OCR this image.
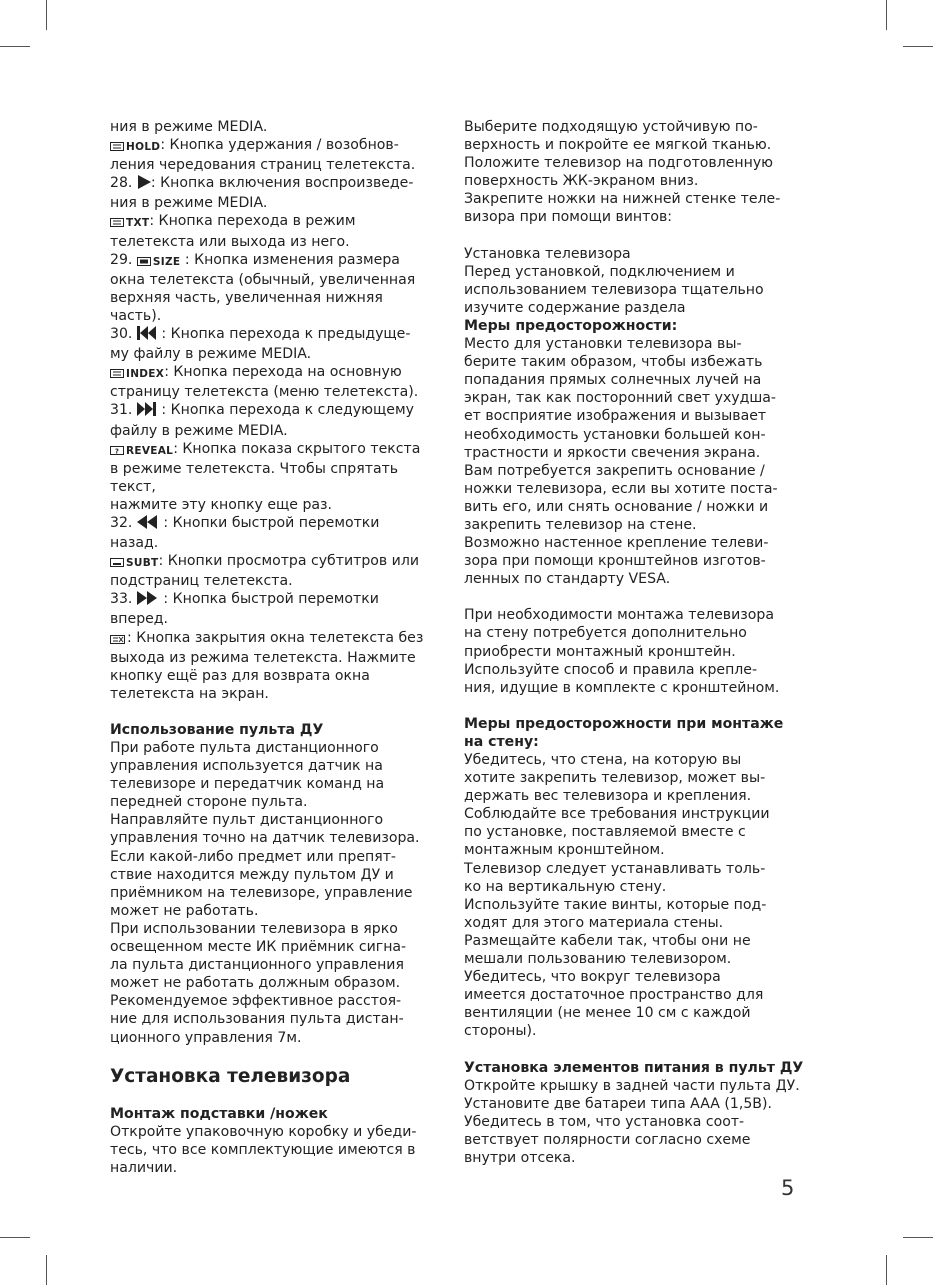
ния в режиме MEDIA.

HOLD: Кнопка удержания / возобнов-

ления чередования страниц телетекста.

28. : Кнопка включения воспроизведе-

ния в режиме MEDIA.

TXT: Кнопка перехода в режим

телетекста или выхода из него.

29. SIZE : Кнопка изменения размера

окна телетекста (обычный, увеличенная

верхняя часть, увеличенная нижняя

часть).

30.  : Кнопка перехода к предыдуще-

му файлу в режиме MEDIA.

INDEX: Кнопка перехода на основную

страницу телетекста (меню телетекста).

31.  : Кнопка перехода к следующему

файлу в режиме MEDIA.

? REVEAL: Кнопка показа скрытого текста

в режиме телетекста. Чтобы спрятать

текст,

нажмите эту кнопку еще раз.

32.  : Кнопки быстрой перемотки

назад.

SUBT: Кнопки просмотра субтитров или

подстраниц телетекста.

33.  : Кнопка быстрой перемотки

вперед.

: Кнопка закрытия окна телетекста без

выхода из режима телетекста. Нажмите

кнопку ещё раз для возврата окна

телетекста на экран.

Использование пульта ДУ

При работе пульта дистанционного

управления используется датчик на

телевизоре и передатчик команд на

передней стороне пульта.

Направляйте пульт дистанционного

управления точно на датчик телевизора.

Если какой-либо предмет или препят-

ствие находится между пультом ДУ и

приёмником на телевизоре, управление

может не работать.

При использовании телевизора в ярко

освещенном месте ИК приёмник сигна-

ла пульта дистанционного управления

может не работать должным образом.

Рекомендуемое эффективное расстоя-

ние для использования пульта дистан-

ционного управления 7м.

Установка телевизора

Монтаж подставки /ножек

Откройте упаковочную коробку и убеди-

тесь, что все комплектующие имеются в

наличии.

Выберите подходящую устойчивую по-

верхность и покройте ее мягкой тканью.

Положите телевизор на подготовленную

поверхность ЖК-экраном вниз.

Закрепите ножки на нижней стенке теле-

визора при помощи винтов:

Установка телевизора

Перед установкой, подключением и

использованием телевизора тщательно

изучите содержание раздела

Меры предосторожности:

Место для установки телевизора вы-

берите таким образом, чтобы избежать

попадания прямых солнечных лучей на

экран, так как посторонний свет ухудша-

ет восприятие изображения и вызывает

необходимость установки большей кон-

трастности и яркости свечения экрана.

Вам потребуется закрепить основание /

ножки телевизора, если вы хотите поста-

вить его, или снять основание / ножки и

закрепить телевизор на стене.

Возможно настенное крепление телеви-

зора при помощи кронштейнов изготов-

ленных по стандарту VESA.

При необходимости монтажа телевизора

на стену потребуется дополнительно

приобрести монтажный кронштейн.

Используйте способ и правила крепле-

ния, идущие в комплекте с кронштейном.

Меры предосторожности при монтаже

на стену:

Убедитесь, что стена, на которую вы

хотите закрепить телевизор, может вы-

держать вес телевизора и крепления.

Соблюдайте все требования инструкции

по установке, поставляемой вместе с

монтажным кронштейном.

Телевизор следует устанавливать толь-

ко на вертикальную стену.

Используйте такие винты, которые под-

ходят для этого материала стены.

Размещайте кабели так, чтобы они не

мешали пользованию телевизором.

Убедитесь, что вокруг телевизора

имеется достаточное пространство для

вентиляции (не менее 10 см с каждой

стороны).

Установка элементов питания в пульт ДУ

Откройте крышку в задней части пульта ДУ.

Установите две батареи типа AAA (1,5В).

Убедитесь в том, что установка соот-

ветствует полярности согласно схеме

внутри отсека.

5
